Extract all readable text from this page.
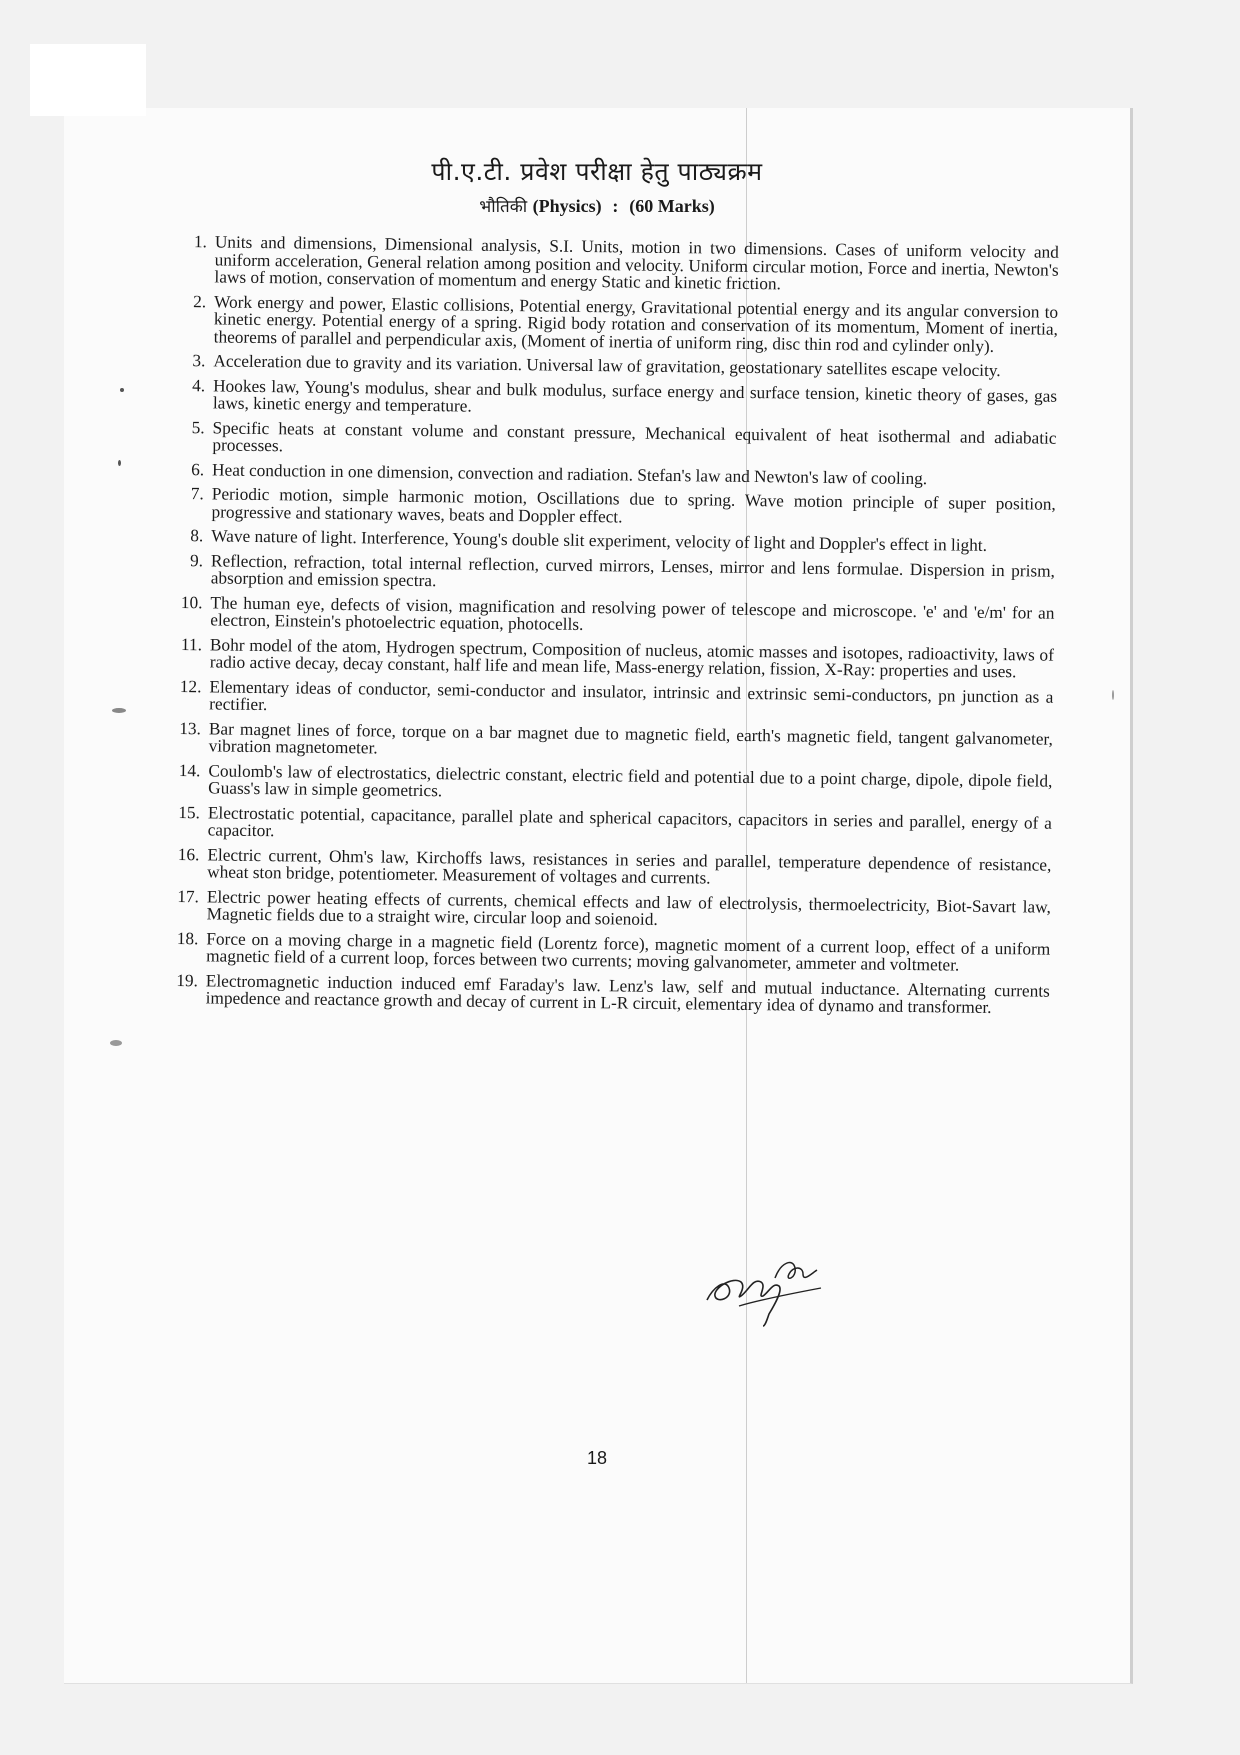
पी.ए.टी. प्रवेश परीक्षा हेतु पाठ्यक्रम
भौतिकी (Physics) : (60 Marks)
1. Units and dimensions, Dimensional analysis, S.I. Units, motion in two dimensions. Cases of uniform velocity and uniform acceleration, General relation among position and velocity. Uniform circular motion, Force and inertia, Newton's laws of motion, conservation of momentum and energy Static and kinetic friction.
2. Work energy and power, Elastic collisions, Potential energy, Gravitational potential energy and its angular conversion to kinetic energy. Potential energy of a spring. Rigid body rotation and conservation of its momentum, Moment of inertia, theorems of parallel and perpendicular axis, (Moment of inertia of uniform ring, disc thin rod and cylinder only).
3. Acceleration due to gravity and its variation. Universal law of gravitation, geostationary satellites escape velocity.
4. Hookes law, Young's modulus, shear and bulk modulus, surface energy and surface tension, kinetic theory of gases, gas laws, kinetic energy and temperature.
5. Specific heats at constant volume and constant pressure, Mechanical equivalent of heat isothermal and adiabatic processes.
6. Heat conduction in one dimension, convection and radiation. Stefan's law and Newton's law of cooling.
7. Periodic motion, simple harmonic motion, Oscillations due to spring. Wave motion principle of super position, progressive and stationary waves, beats and Doppler effect.
8. Wave nature of light. Interference, Young's double slit experiment, velocity of light and Doppler's effect in light.
9. Reflection, refraction, total internal reflection, curved mirrors, Lenses, mirror and lens formulae. Dispersion in prism, absorption and emission spectra.
10. The human eye, defects of vision, magnification and resolving power of telescope and microscope. 'e' and 'e/m' for an electron, Einstein's photoelectric equation, photocells.
11. Bohr model of the atom, Hydrogen spectrum, Composition of nucleus, atomic masses and isotopes, radioactivity, laws of radio active decay, decay constant, half life and mean life, Mass-energy relation, fission, X-Ray: properties and uses.
12. Elementary ideas of conductor, semi-conductor and insulator, intrinsic and extrinsic semi-conductors, pn junction as a rectifier.
13. Bar magnet lines of force, torque on a bar magnet due to magnetic field, earth's magnetic field, tangent galvanometer, vibration magnetometer.
14. Coulomb's law of electrostatics, dielectric constant, electric field and potential due to a point charge, dipole, dipole field, Guass's law in simple geometrics.
15. Electrostatic potential, capacitance, parallel plate and spherical capacitors, capacitors in series and parallel, energy of a capacitor.
16. Electric current, Ohm's law, Kirchoffs laws, resistances in series and parallel, temperature dependence of resistance, wheat ston bridge, potentiometer. Measurement of voltages and currents.
17. Electric power heating effects of currents, chemical effects and law of electrolysis, thermoelectricity, Biot-Savart law, Magnetic fields due to a straight wire, circular loop and soienoid.
18. Force on a moving charge in a magnetic field (Lorentz force), magnetic moment of a current loop, effect of a uniform magnetic field of a current loop, forces between two currents; moving galvanometer, ammeter and voltmeter.
19. Electromagnetic induction induced emf Faraday's law. Lenz's law, self and mutual inductance. Alternating currents impedence and reactance growth and decay of current in L-R circuit, elementary idea of dynamo and transformer.
18
